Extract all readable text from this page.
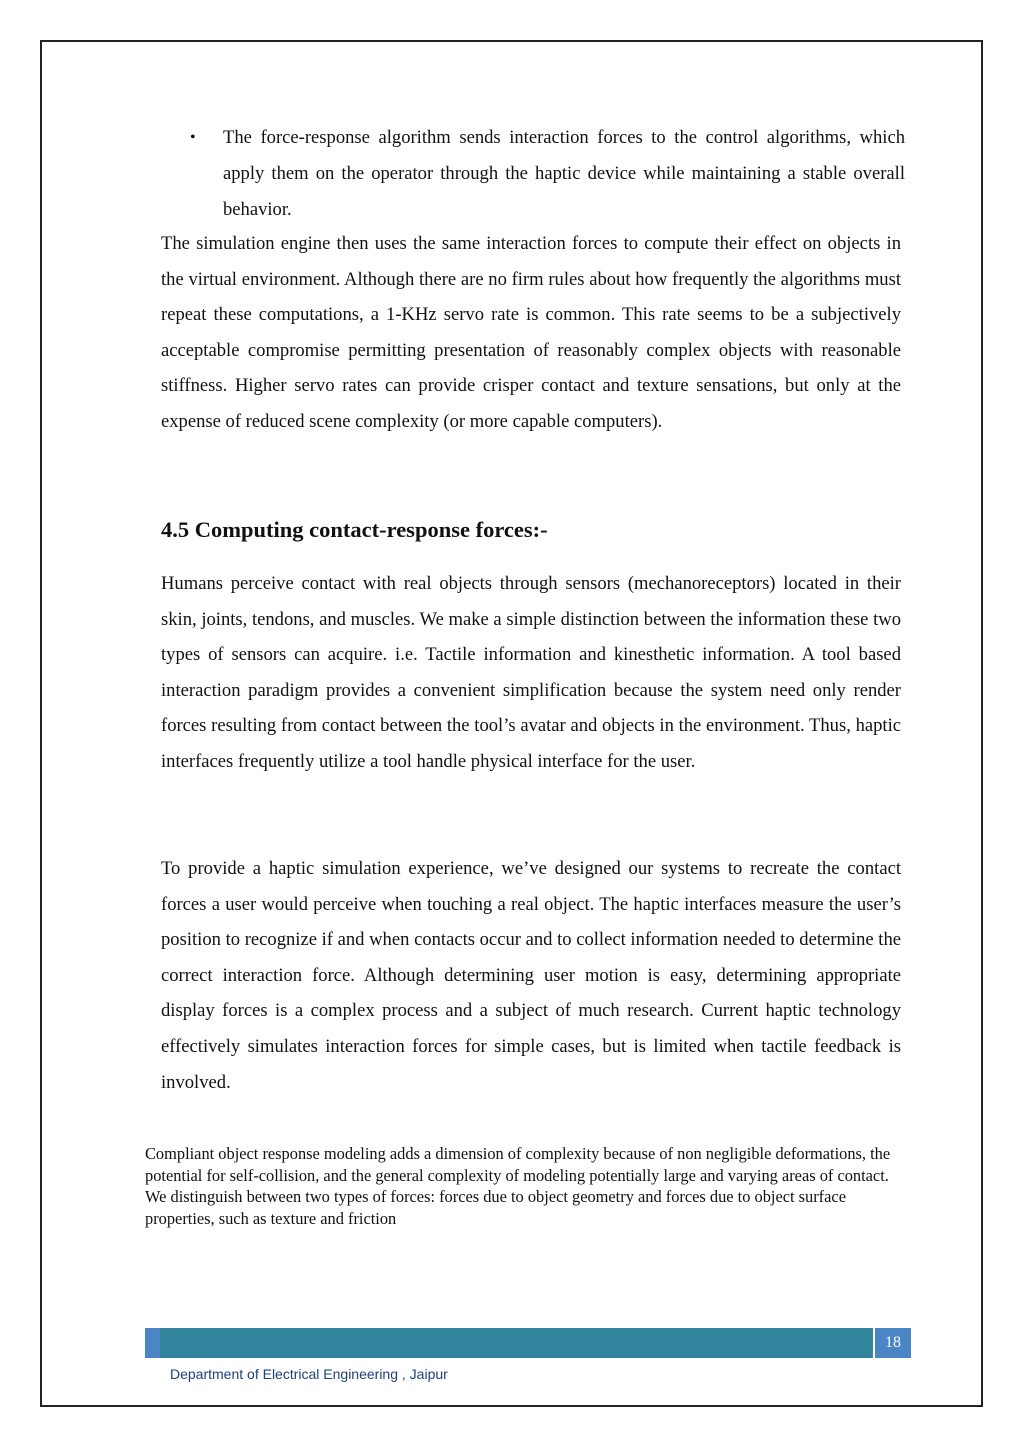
• The force-response algorithm sends interaction forces to the control algorithms, which apply them on the operator through the haptic device while maintaining a stable overall behavior.

The simulation engine then uses the same interaction forces to compute their effect on objects in the virtual environment. Although there are no firm rules about how frequently the algorithms must repeat these computations, a 1-KHz servo rate is common. This rate seems to be a subjectively acceptable compromise permitting presentation of reasonably complex objects with reasonable stiffness. Higher servo rates can provide crisper contact and texture sensations, but only at the expense of reduced scene complexity (or more capable computers).

4.5 Computing contact-response forces:-

Humans perceive contact with real objects through sensors (mechanoreceptors) located in their skin, joints, tendons, and muscles. We make a simple distinction between the information these two types of sensors can acquire. i.e. Tactile information and kinesthetic information. A tool based interaction paradigm provides a convenient simplification because the system need only render forces resulting from contact between the tool’s avatar and objects in the environment. Thus, haptic interfaces frequently utilize a tool handle physical interface for the user.

To provide a haptic simulation experience, we’ve designed our systems to recreate the contact forces a user would perceive when touching a real object. The haptic interfaces measure the user’s position to recognize if and when contacts occur and to collect information needed to determine the correct interaction force. Although determining user motion is easy, determining appropriate display forces is a complex process and a subject of much research. Current haptic technology effectively simulates interaction forces for simple cases, but is limited when tactile feedback is involved.

Compliant object response modeling adds a dimension of complexity because of non negligible deformations, the potential for self-collision, and the general complexity of modeling potentially large and varying areas of contact. We distinguish between two types of forces: forces due to object geometry and forces due to object surface properties, such as texture and friction

18
Department of Electrical Engineering , Jaipur
